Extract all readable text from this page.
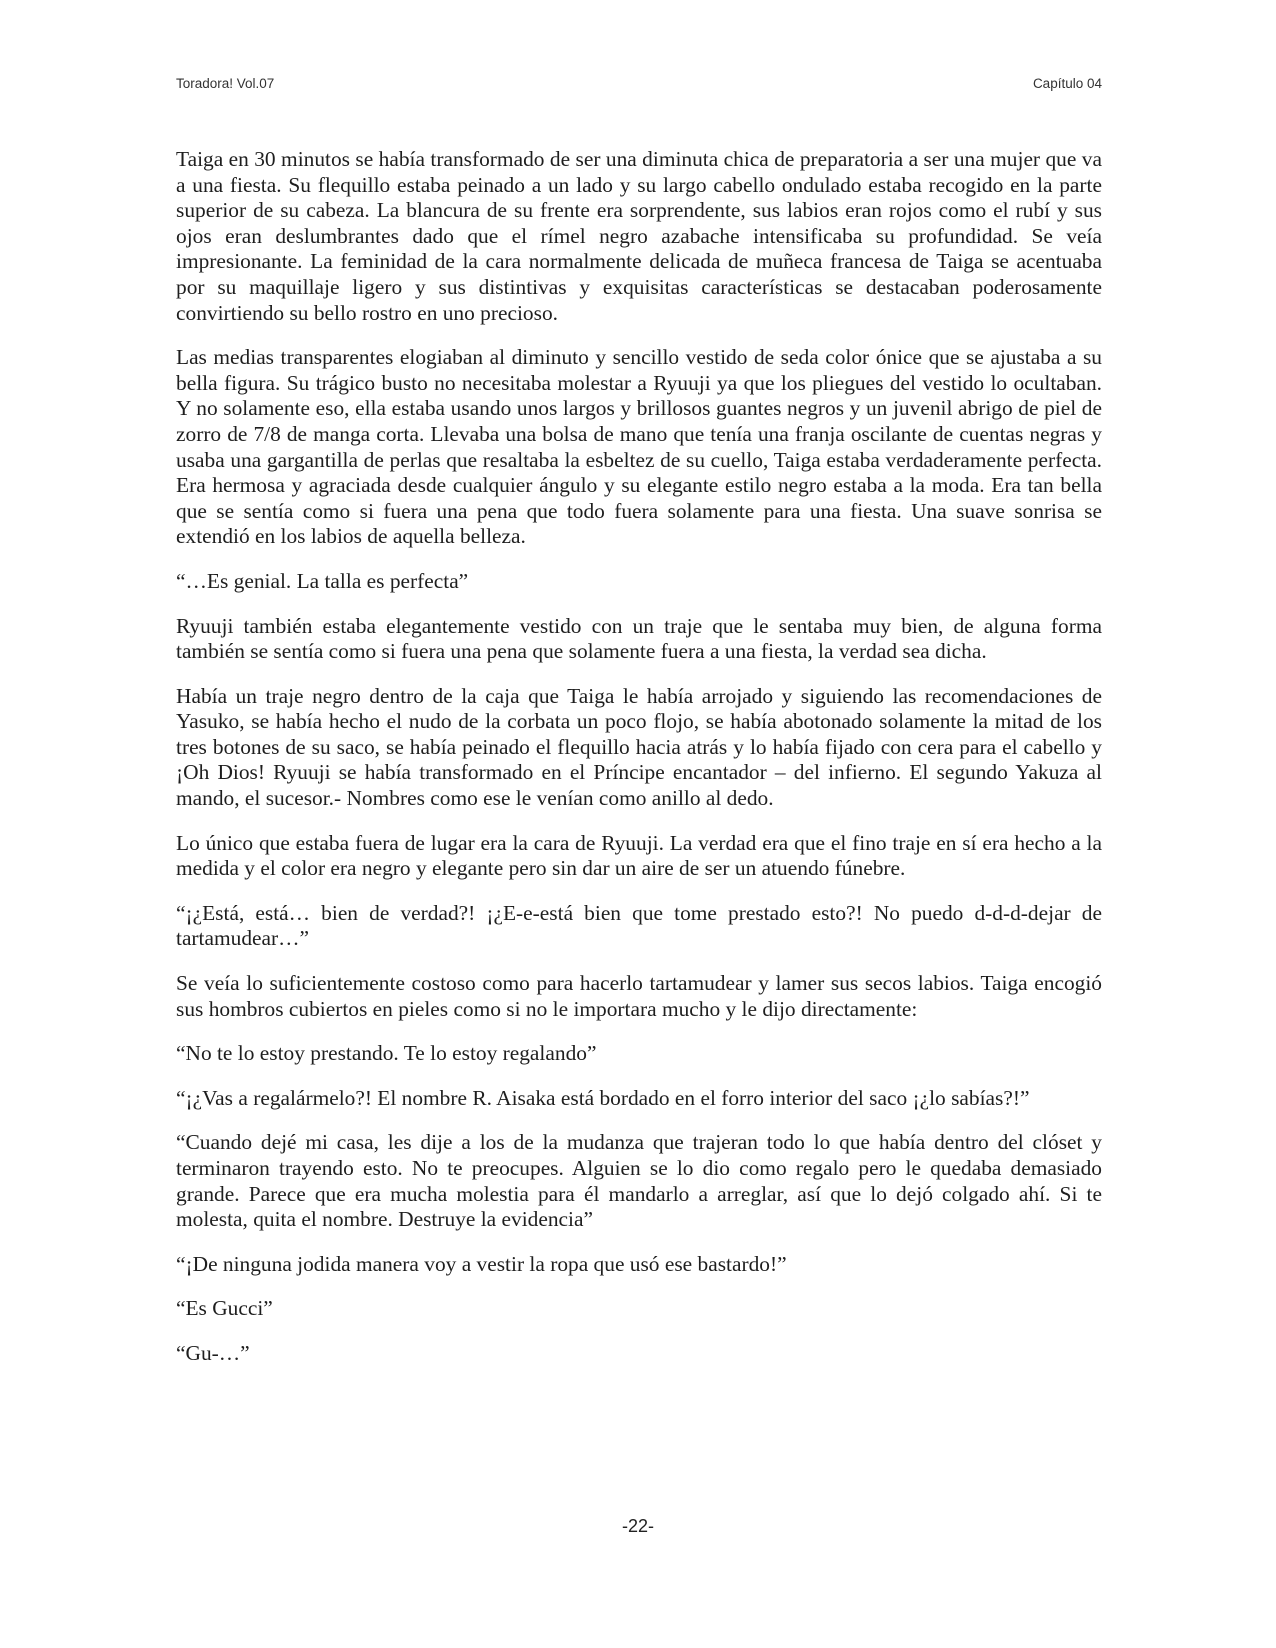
Toradora! Vol.07	Capítulo 04

Taiga en 30 minutos se había transformado de ser una diminuta chica de preparatoria a ser una mujer que va a una fiesta. Su flequillo estaba peinado a un lado y su largo cabello ondulado estaba recogido en la parte superior de su cabeza. La blancura de su frente era sorprendente, sus labios eran rojos como el rubí y sus ojos eran deslumbrantes dado que el rímel negro azabache intensificaba su profundidad. Se veía impresionante. La feminidad de la cara normalmente delicada de muñeca francesa de Taiga se acentuaba por su maquillaje ligero y sus distintivas y exquisitas características se destacaban poderosamente convirtiendo su bello rostro en uno precioso.

Las medias transparentes elogiaban al diminuto y sencillo vestido de seda color ónice que se ajustaba a su bella figura. Su trágico busto no necesitaba molestar a Ryuuji ya que los pliegues del vestido lo ocultaban. Y no solamente eso, ella estaba usando unos largos y brillosos guantes negros y un juvenil abrigo de piel de zorro de 7/8 de manga corta. Llevaba una bolsa de mano que tenía una franja oscilante de cuentas negras y usaba una gargantilla de perlas que resaltaba la esbeltez de su cuello, Taiga estaba verdaderamente perfecta. Era hermosa y agraciada desde cualquier ángulo y su elegante estilo negro estaba a la moda. Era tan bella que se sentía como si fuera una pena que todo fuera solamente para una fiesta. Una suave sonrisa se extendió en los labios de aquella belleza.

“…Es genial. La talla es perfecta”

Ryuuji también estaba elegantemente vestido con un traje que le sentaba muy bien, de alguna forma también se sentía como si fuera una pena que solamente fuera a una fiesta, la verdad sea dicha.

Había un traje negro dentro de la caja que Taiga le había arrojado y siguiendo las recomendaciones de Yasuko, se había hecho el nudo de la corbata un poco flojo, se había abotonado solamente la mitad de los tres botones de su saco, se había peinado el flequillo hacia atrás y lo había fijado con cera para el cabello y ¡Oh Dios! Ryuuji se había transformado en el Príncipe encantador – del infierno. El segundo Yakuza al mando, el sucesor.- Nombres como ese le venían como anillo al dedo.

Lo único que estaba fuera de lugar era la cara de Ryuuji. La verdad era que el fino traje en sí era hecho a la medida y el color era negro y elegante pero sin dar un aire de ser un atuendo fúnebre.

“¡¿Está, está… bien de verdad?! ¡¿E-e-está bien que tome prestado esto?! No puedo d-d-d-dejar de tartamudear…”

Se veía lo suficientemente costoso como para hacerlo tartamudear y lamer sus secos labios. Taiga encogió sus hombros cubiertos en pieles como si no le importara mucho y le dijo directamente:

“No te lo estoy prestando. Te lo estoy regalando”

“¡¿Vas a regalármelo?! El nombre R. Aisaka está bordado en el forro interior del saco ¡¿lo sabías?!”

“Cuando dejé mi casa, les dije a los de la mudanza que trajeran todo lo que había dentro del clóset y terminaron trayendo esto. No te preocupes. Alguien se lo dio como regalo pero le quedaba demasiado grande. Parece que era mucha molestia para él mandarlo a arreglar, así que lo dejó colgado ahí. Si te molesta, quita el nombre. Destruye la evidencia”

“¡De ninguna jodida manera voy a vestir la ropa que usó ese bastardo!”

“Es Gucci”

“Gu-…”

-22-
